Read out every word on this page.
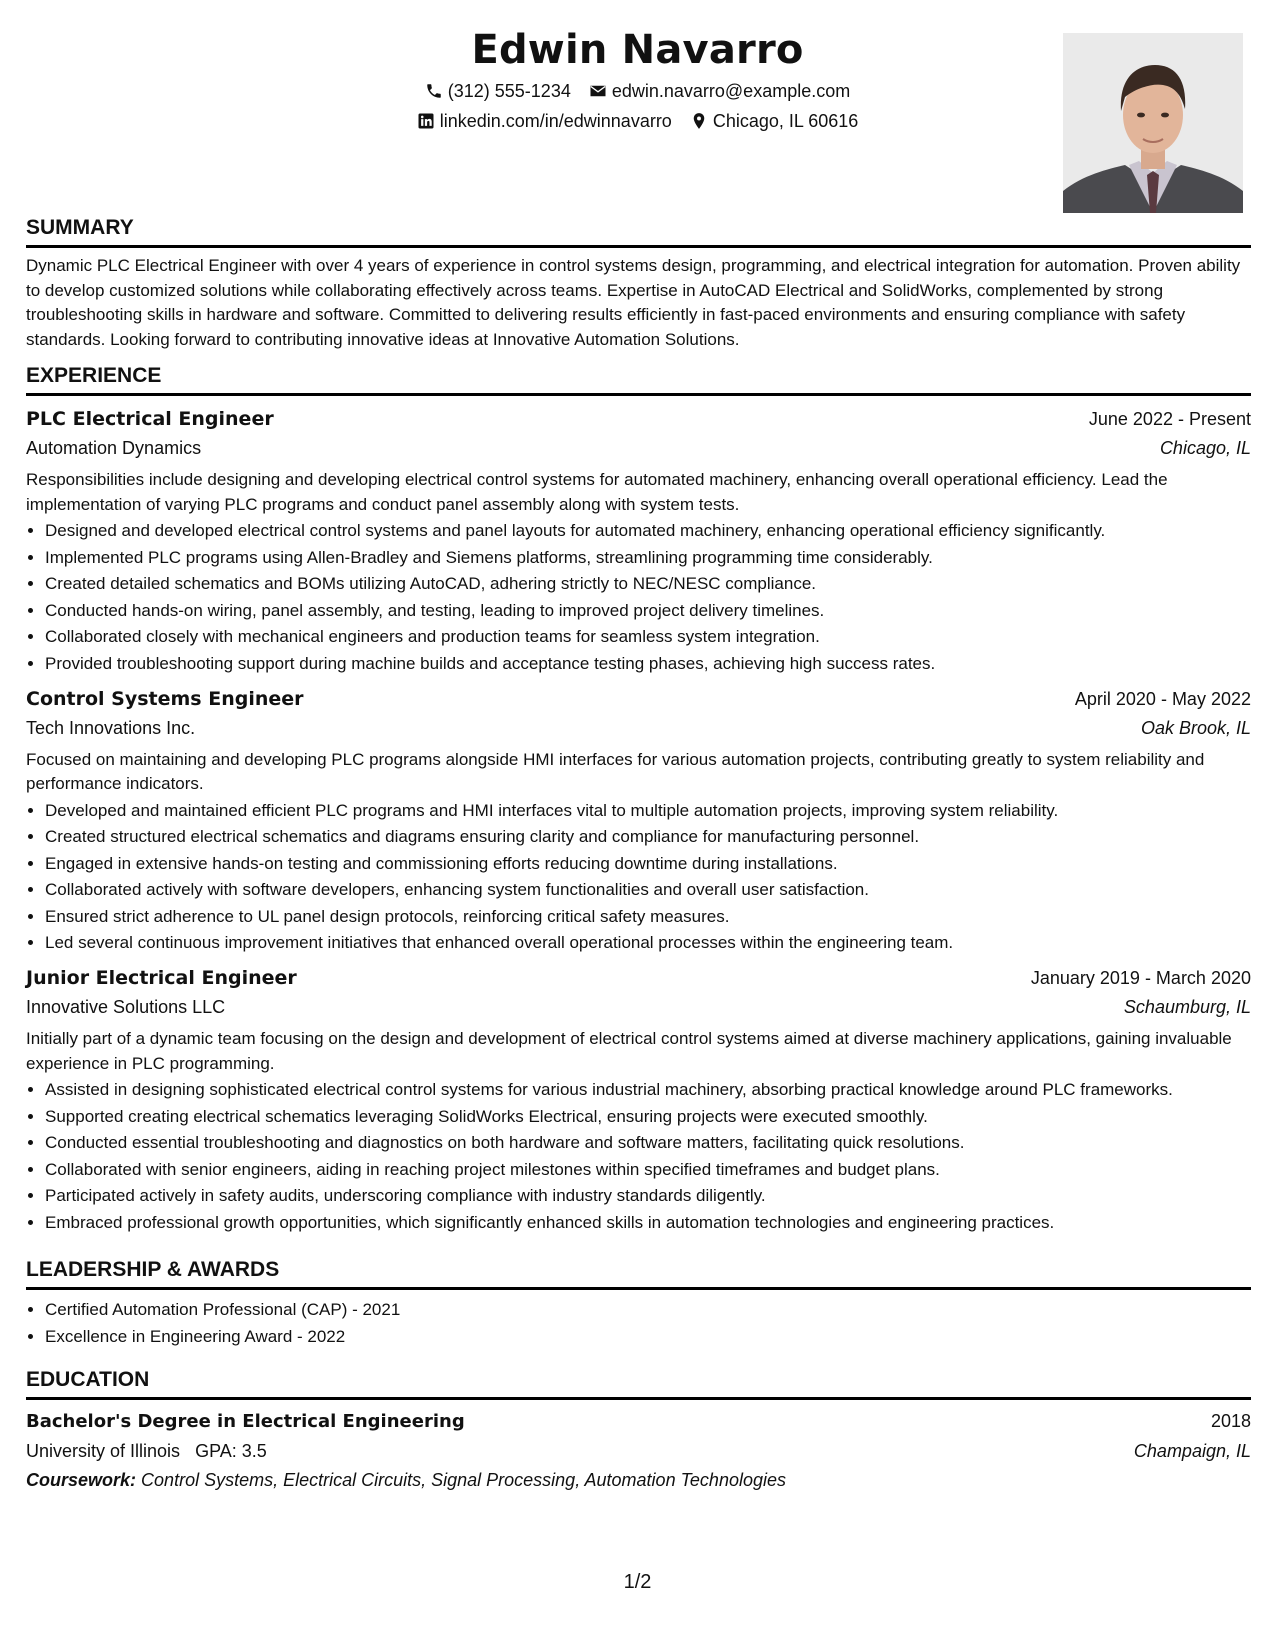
Edwin Navarro
(312) 555-1234 edwin.navarro@example.com
linkedin.com/in/edwinnavarro Chicago, IL 60616
SUMMARY

Dynamic PLC Electrical Engineer with over 4 years of experience in control systems design, programming, and electrical integration for automation. Proven ability to develop customized solutions while collaborating effectively across teams. Expertise in AutoCAD Electrical and SolidWorks, complemented by strong troubleshooting skills in hardware and software. Committed to delivering results efficiently in fast-paced environments and ensuring compliance with safety standards. Looking forward to contributing innovative ideas at Innovative Automation Solutions.

EXPERIENCE
PLC Electrical Engineer	June 2022 - Present
Automation Dynamics	Chicago, IL

Responsibilities include designing and developing electrical control systems for automated machinery, enhancing overall operational efficiency. Lead the implementation of varying PLC programs and conduct panel assembly along with system tests.

• Designed and developed electrical control systems and panel layouts for automated machinery, enhancing operational efficiency significantly.
• Implemented PLC programs using Allen-Bradley and Siemens platforms, streamlining programming time considerably.
• Created detailed schematics and BOMs utilizing AutoCAD, adhering strictly to NEC/NESC compliance.
• Conducted hands-on wiring, panel assembly, and testing, leading to improved project delivery timelines.
• Collaborated closely with mechanical engineers and production teams for seamless system integration.
• Provided troubleshooting support during machine builds and acceptance testing phases, achieving high success rates.
Control Systems Engineer	April 2020 - May 2022
Tech Innovations Inc.	Oak Brook, IL

Focused on maintaining and developing PLC programs alongside HMI interfaces for various automation projects, contributing greatly to system reliability and performance indicators.

• Developed and maintained efficient PLC programs and HMI interfaces vital to multiple automation projects, improving system reliability.
• Created structured electrical schematics and diagrams ensuring clarity and compliance for manufacturing personnel.
• Engaged in extensive hands-on testing and commissioning efforts reducing downtime during installations.
• Collaborated actively with software developers, enhancing system functionalities and overall user satisfaction.
• Ensured strict adherence to UL panel design protocols, reinforcing critical safety measures.
• Led several continuous improvement initiatives that enhanced overall operational processes within the engineering team.
Junior Electrical Engineer	January 2019 - March 2020
Innovative Solutions LLC	Schaumburg, IL

Initially part of a dynamic team focusing on the design and development of electrical control systems aimed at diverse machinery applications, gaining invaluable experience in PLC programming.

• Assisted in designing sophisticated electrical control systems for various industrial machinery, absorbing practical knowledge around PLC frameworks.
• Supported creating electrical schematics leveraging SolidWorks Electrical, ensuring projects were executed smoothly.
• Conducted essential troubleshooting and diagnostics on both hardware and software matters, facilitating quick resolutions.
• Collaborated with senior engineers, aiding in reaching project milestones within specified timeframes and budget plans.
• Participated actively in safety audits, underscoring compliance with industry standards diligently.
• Embraced professional growth opportunities, which significantly enhanced skills in automation technologies and engineering practices.
LEADERSHIP & AWARDS
• Certified Automation Professional (CAP) - 2021
• Excellence in Engineering Award - 2022
EDUCATION
Bachelor's Degree in Electrical Engineering	2018
University of Illinois GPA: 3.5	Champaign, IL
Coursework: Control Systems, Electrical Circuits, Signal Processing, Automation Technologies
1/2
